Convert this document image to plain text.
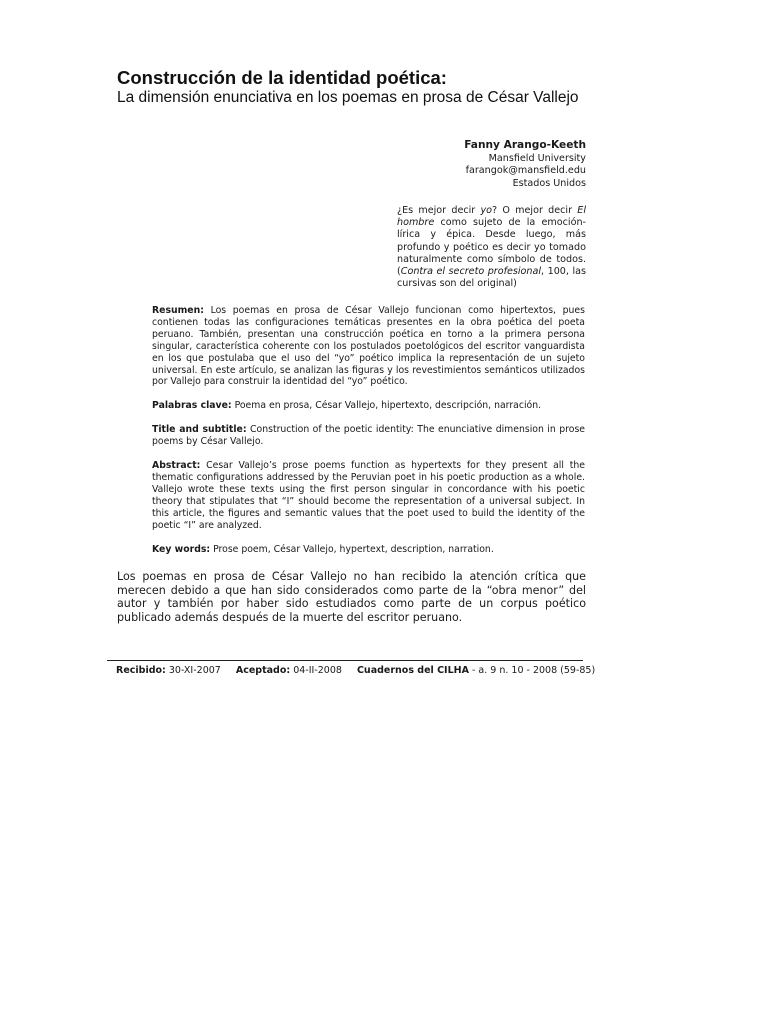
Construcción de la identidad poética:
La dimensión enunciativa en los poemas en prosa de César Vallejo
Fanny Arango-Keeth
Mansfield University
farangok@mansfield.edu
Estados Unidos
¿Es mejor decir yo? O mejor decir El hombre como sujeto de la emoción-lírica y épica. Desde luego, más profundo y poético es decir yo tomado naturalmente como símbolo de todos. (Contra el secreto profesional, 100, las cursivas son del original)

Resumen: Los poemas en prosa de César Vallejo funcionan como hipertextos, pues contienen todas las configuraciones temáticas presentes en la obra poética del poeta peruano. También, presentan una construcción poética en torno a la primera persona singular, característica coherente con los postulados poetológicos del escritor vanguardista en los que postulaba que el uso del “yo” poético implica la representación de un sujeto universal. En este artículo, se analizan las figuras y los revestimientos semánticos utilizados por Vallejo para construir la identidad del “yo” poético.

Palabras clave: Poema en prosa, César Vallejo, hipertexto, descripción, narración.

Title and subtitle: Construction of the poetic identity: The enunciative dimension in prose poems by César Vallejo.

Abstract: Cesar Vallejo’s prose poems function as hypertexts for they present all the thematic configurations addressed by the Peruvian poet in his poetic production as a whole. Vallejo wrote these texts using the first person singular in concordance with his poetic theory that stipulates that “I” should become the representation of a universal subject. In this article, the figures and semantic values that the poet used to build the identity of the poetic “I” are analyzed.

Key words: Prose poem, César Vallejo, hypertext, description, narration.

Los poemas en prosa de César Vallejo no han recibido la atención crítica que merecen debido a que han sido considerados como parte de la “obra menor” del autor y también por haber sido estudiados como parte de un corpus poético publicado además después de la muerte del escritor peruano.
Recibido: 30-XI-2007 Aceptado: 04-II-2008 Cuadernos del CILHA - a. 9 n. 10 - 2008 (59-85)
